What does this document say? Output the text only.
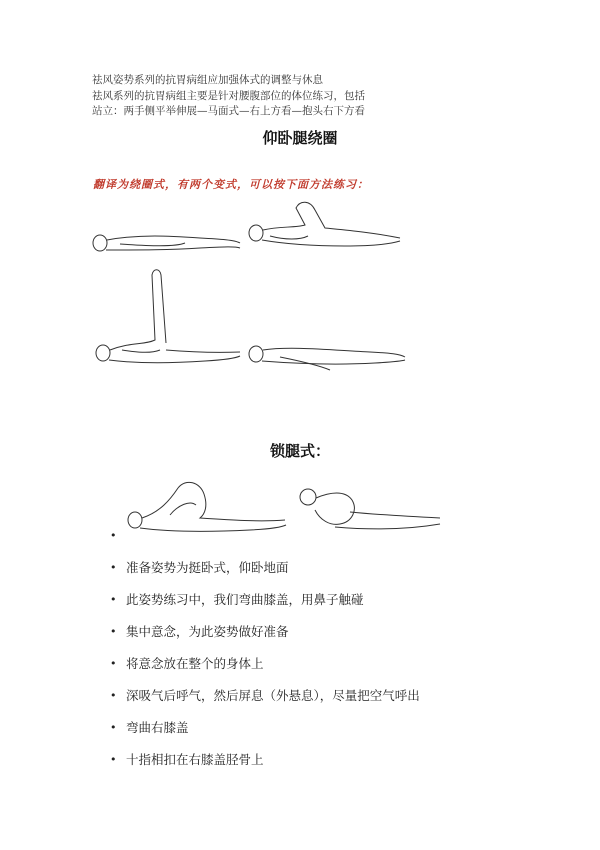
祛风姿势系列的抗胃病组应加强体式的调整与休息
祛风系列的抗胃病组主要是针对腰腹部位的体位练习，包括
站立：两手侧平举伸展—马面式—右上方看—抱头右下方看
仰卧腿绕圈
翻译为绕圈式，有两个变式，可以按下面方法练习：
锁腿式：
•
• 准备姿势为挺卧式，仰卧地面
• 此姿势练习中，我们弯曲膝盖，用鼻子触碰
• 集中意念，为此姿势做好准备
• 将意念放在整个的身体上
• 深吸气后呼气，然后屏息（外悬息），尽量把空气呼出
• 弯曲右膝盖
• 十指相扣在右膝盖胫骨上
